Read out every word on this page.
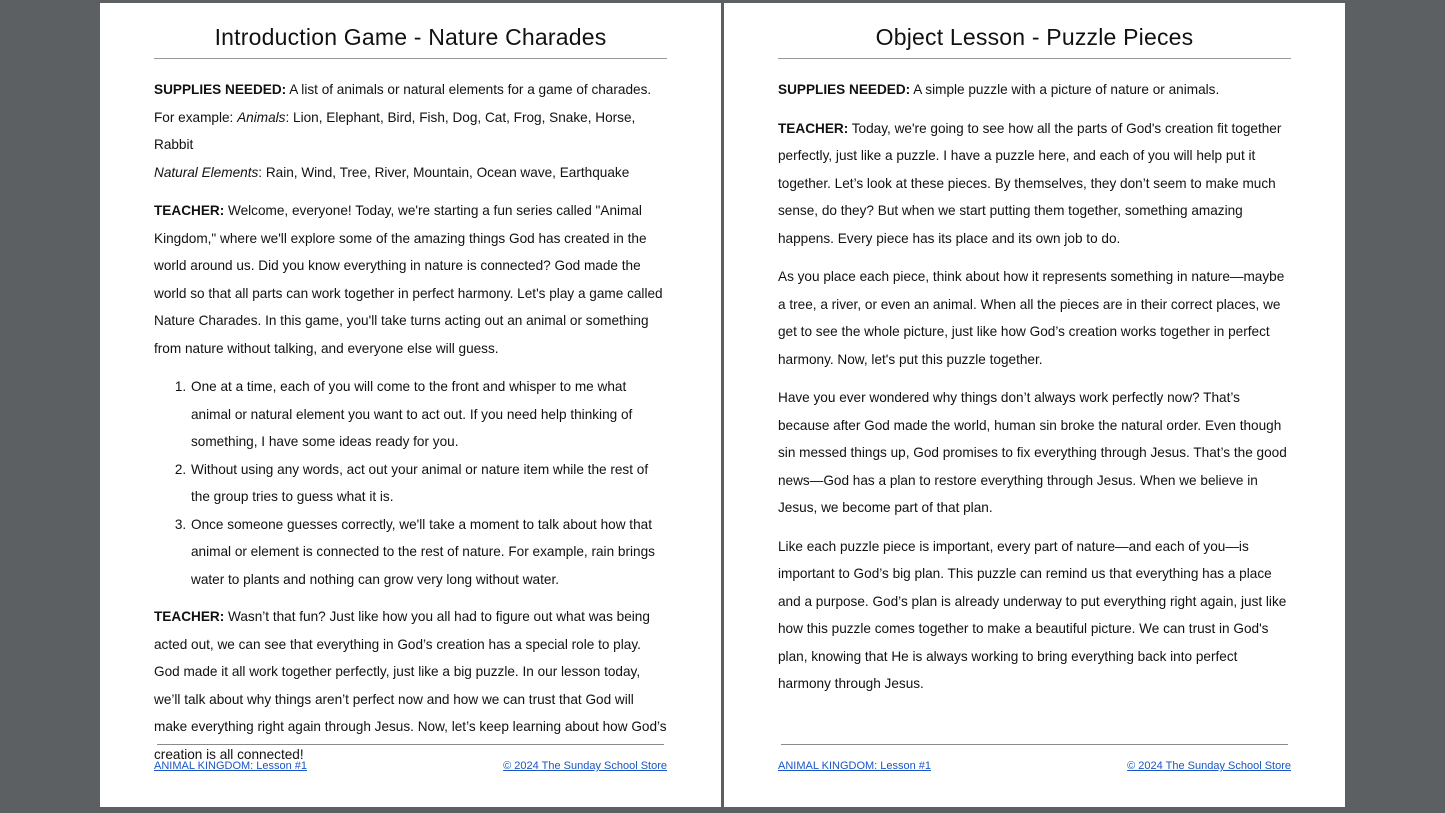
Introduction Game - Nature Charades

SUPPLIES NEEDED: A list of animals or natural elements for a game of charades. For example: Animals: Lion, Elephant, Bird, Fish, Dog, Cat, Frog, Snake, Horse, Rabbit
Natural Elements: Rain, Wind, Tree, River, Mountain, Ocean wave, Earthquake

TEACHER: Welcome, everyone! Today, we're starting a fun series called "Animal Kingdom," where we'll explore some of the amazing things God has created in the world around us. Did you know everything in nature is connected? God made the world so that all parts can work together in perfect harmony. Let's play a game called Nature Charades. In this game, you'll take turns acting out an animal or something from nature without talking, and everyone else will guess.

1. One at a time, each of you will come to the front and whisper to me what animal or natural element you want to act out. If you need help thinking of something, I have some ideas ready for you.
2. Without using any words, act out your animal or nature item while the rest of the group tries to guess what it is.
3. Once someone guesses correctly, we'll take a moment to talk about how that animal or element is connected to the rest of nature. For example, rain brings water to plants and nothing can grow very long without water.

TEACHER: Wasn’t that fun? Just like how you all had to figure out what was being acted out, we can see that everything in God’s creation has a special role to play. God made it all work together perfectly, just like a big puzzle. In our lesson today, we’ll talk about why things aren’t perfect now and how we can trust that God will make everything right again through Jesus. Now, let’s keep learning about how God’s creation is all connected!

ANIMAL KINGDOM: Lesson #1	© 2024 The Sunday School Store
Object Lesson - Puzzle Pieces

SUPPLIES NEEDED: A simple puzzle with a picture of nature or animals.

TEACHER: Today, we're going to see how all the parts of God's creation fit together perfectly, just like a puzzle. I have a puzzle here, and each of you will help put it together. Let’s look at these pieces. By themselves, they don’t seem to make much sense, do they? But when we start putting them together, something amazing happens. Every piece has its place and its own job to do.

As you place each piece, think about how it represents something in nature—maybe a tree, a river, or even an animal. When all the pieces are in their correct places, we get to see the whole picture, just like how God’s creation works together in perfect harmony. Now, let's put this puzzle together.

Have you ever wondered why things don’t always work perfectly now? That’s because after God made the world, human sin broke the natural order. Even though sin messed things up, God promises to fix everything through Jesus. That’s the good news—God has a plan to restore everything through Jesus. When we believe in Jesus, we become part of that plan.

Like each puzzle piece is important, every part of nature—and each of you—is important to God’s big plan. This puzzle can remind us that everything has a place and a purpose. God’s plan is already underway to put everything right again, just like how this puzzle comes together to make a beautiful picture. We can trust in God's plan, knowing that He is always working to bring everything back into perfect harmony through Jesus.

ANIMAL KINGDOM: Lesson #1	© 2024 The Sunday School Store
